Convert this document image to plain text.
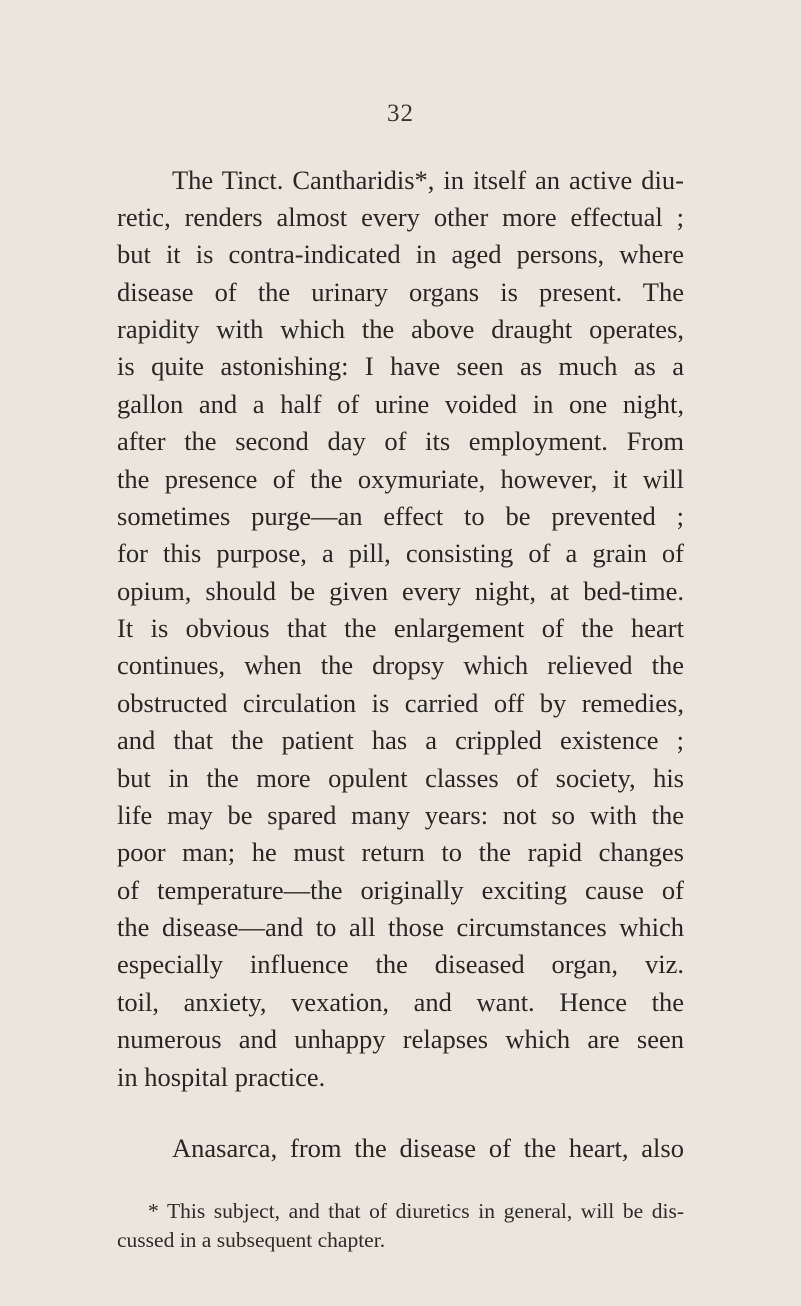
32
The Tinct. Cantharidis*, in itself an active diu-
retic, renders almost every other more effectual ;
but it is contra-indicated in aged persons, where
disease of the urinary organs is present. The
rapidity with which the above draught operates,
is quite astonishing: I have seen as much as a
gallon and a half of urine voided in one night,
after the second day of its employment. From
the presence of the oxymuriate, however, it will
sometimes purge—an effect to be prevented ;
for this purpose, a pill, consisting of a grain of
opium, should be given every night, at bed-time.
It is obvious that the enlargement of the heart
continues, when the dropsy which relieved the
obstructed circulation is carried off by remedies,
and that the patient has a crippled existence ;
but in the more opulent classes of society, his
life may be spared many years: not so with the
poor man; he must return to the rapid changes
of temperature—the originally exciting cause of
the disease—and to all those circumstances which
especially influence the diseased organ, viz.
toil, anxiety, vexation, and want. Hence the
numerous and unhappy relapses which are seen
in hospital practice.
Anasarca, from the disease of the heart, also
* This subject, and that of diuretics in general, will be dis-
cussed in a subsequent chapter.
